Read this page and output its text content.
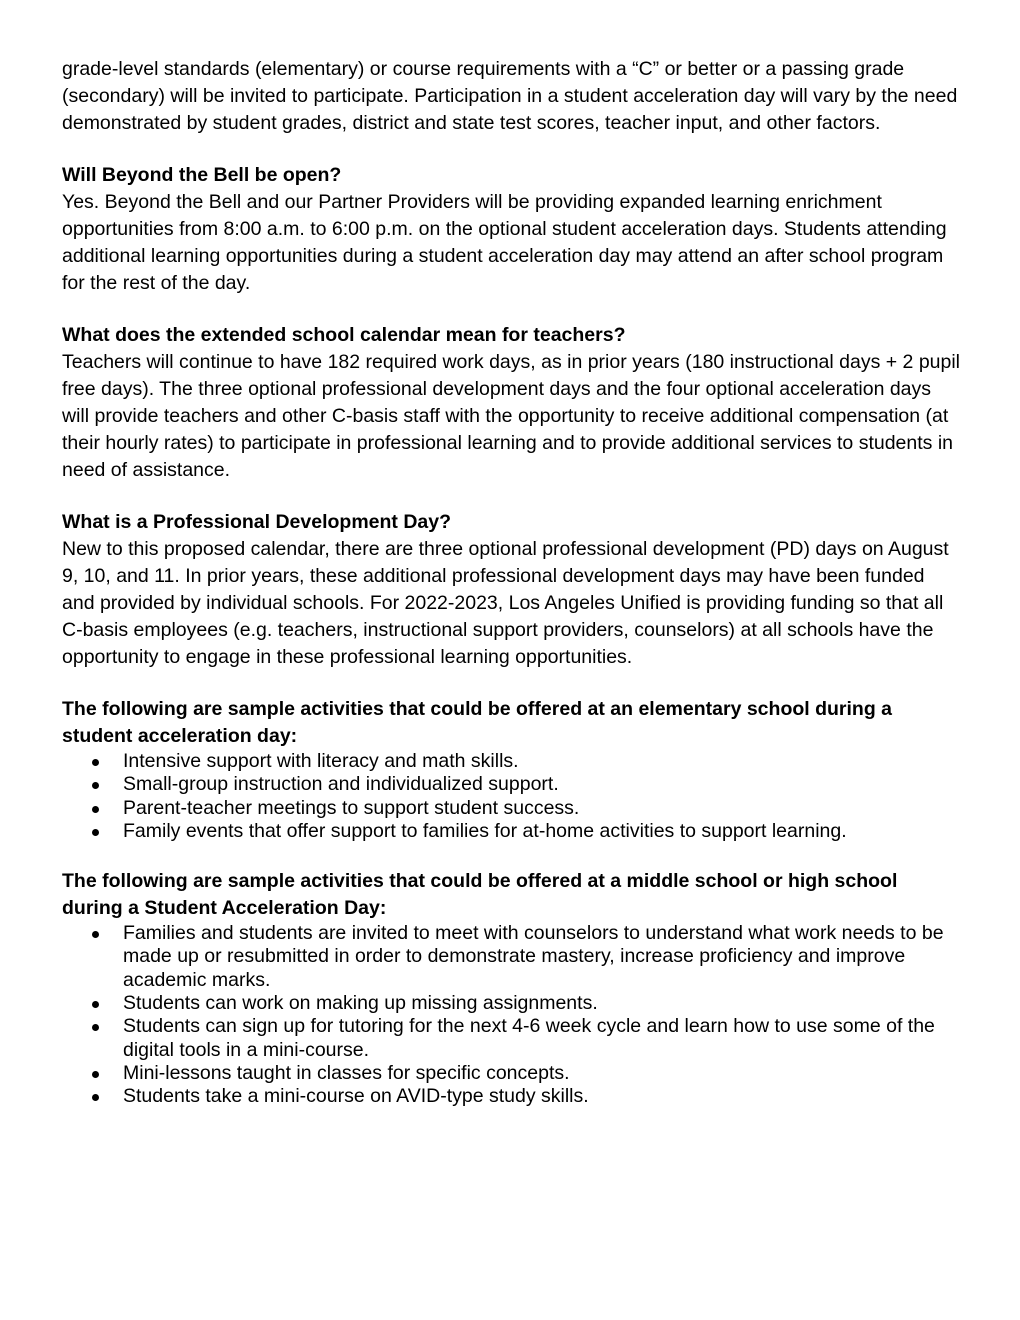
grade-level standards (elementary) or course requirements with a “C” or better or a passing grade (secondary) will be invited to participate. Participation in a student acceleration day will vary by the need demonstrated by student grades, district and state test scores, teacher input, and other factors.

Will Beyond the Bell be open?

Yes. Beyond the Bell and our Partner Providers will be providing expanded learning enrichment opportunities from 8:00 a.m. to 6:00 p.m. on the optional student acceleration days. Students attending additional learning opportunities during a student acceleration day may attend an after school program for the rest of the day.

What does the extended school calendar mean for teachers?

Teachers will continue to have 182 required work days, as in prior years (180 instructional days + 2 pupil free days). The three optional professional development days and the four optional acceleration days will provide teachers and other C-basis staff with the opportunity to receive additional compensation (at their hourly rates) to participate in professional learning and to provide additional services to students in need of assistance.

What is a Professional Development Day?

New to this proposed calendar, there are three optional professional development (PD) days on August 9, 10, and 11. In prior years, these additional professional development days may have been funded and provided by individual schools. For 2022-2023, Los Angeles Unified is providing funding so that all C-basis employees (e.g. teachers, instructional support providers, counselors) at all schools have the opportunity to engage in these professional learning opportunities.

The following are sample activities that could be offered at an elementary school during a student acceleration day:

Intensive support with literacy and math skills.
Small-group instruction and individualized support.
Parent-teacher meetings to support student success.
Family events that offer support to families for at-home activities to support learning.

The following are sample activities that could be offered at a middle school or high school during a Student Acceleration Day:

Families and students are invited to meet with counselors to understand what work needs to be made up or resubmitted in order to demonstrate mastery, increase proficiency and improve academic marks.
Students can work on making up missing assignments.
Students can sign up for tutoring for the next 4-6 week cycle and learn how to use some of the digital tools in a mini-course.
Mini-lessons taught in classes for specific concepts.
Students take a mini-course on AVID-type study skills.
